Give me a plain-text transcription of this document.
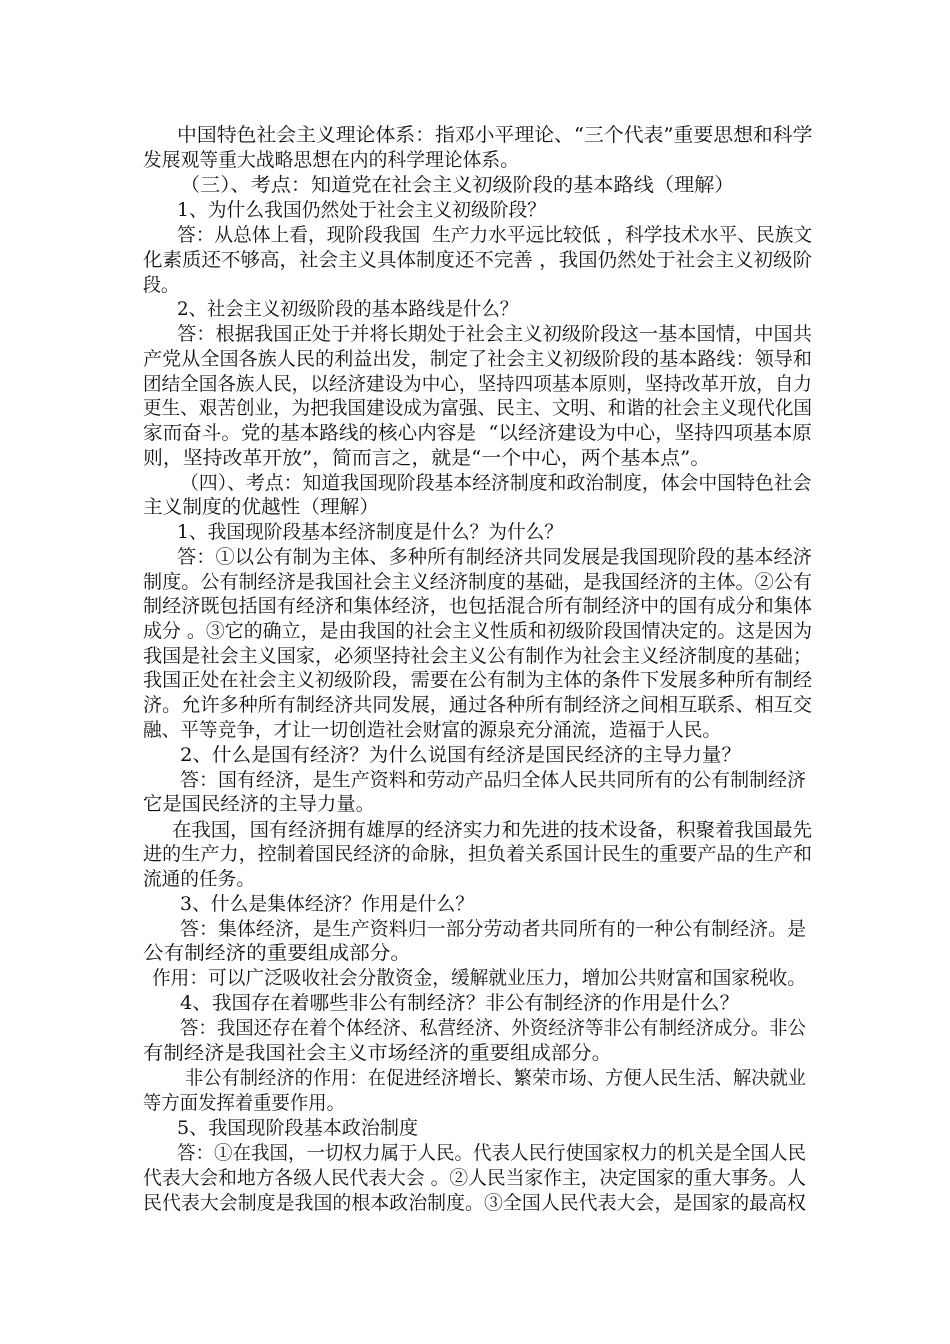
中国特色社会主义理论体系：指邓小平理论、“三个代表”重要思想和科学
发展观等重大战略思想在内的科学理论体系。
（三）、考点：知道党在社会主义初级阶段的基本路线（理解）
1、为什么我国仍然处于社会主义初级阶段？
答：从总体上看，现阶段我国  生产力水平远比较低 ，科学技术水平、民族文
化素质还不够高，社会主义具体制度还不完善 ，我国仍然处于社会主义初级阶
段。
2、社会主义初级阶段的基本路线是什么？
答：根据我国正处于并将长期处于社会主义初级阶段这一基本国情，中国共
产党从全国各族人民的利益出发，制定了社会主义初级阶段的基本路线：领导和
团结全国各族人民，以经济建设为中心，坚持四项基本原则，坚持改革开放，自力
更生、艰苦创业，为把我国建设成为富强、民主、文明、和谐的社会主义现代化国
家而奋斗。党的基本路线的核心内容是  “以经济建设为中心，坚持四项基本原
则，坚持改革开放”，简而言之，就是“一个中心，两个基本点”。
（四）、考点：知道我国现阶段基本经济制度和政治制度，体会中国特色社会
主义制度的优越性（理解）
1、我国现阶段基本经济制度是什么？为什么？
答：①以公有制为主体、多种所有制经济共同发展是我国现阶段的基本经济
制度。公有制经济是我国社会主义经济制度的基础，是我国经济的主体。②公有
制经济既包括国有经济和集体经济，也包括混合所有制经济中的国有成分和集体
成分 。③它的确立，是由我国的社会主义性质和初级阶段国情决定的。这是因为
我国是社会主义国家，必须坚持社会主义公有制作为社会主义经济制度的基础；
我国正处在社会主义初级阶段，需要在公有制为主体的条件下发展多种所有制经
济。允许多种所有制经济共同发展，通过各种所有制经济之间相互联系、相互交
融、平等竞争，才让一切创造社会财富的源泉充分涌流，造福于人民。
2、什么是国有经济？为什么说国有经济是国民经济的主导力量？
答：国有经济，是生产资料和劳动产品归全体人民共同所有的公有制制经济
它是国民经济的主导力量。
在我国，国有经济拥有雄厚的经济实力和先进的技术设备，积聚着我国最先
进的生产力，控制着国民经济的命脉，担负着关系国计民生的重要产品的生产和
流通的任务。
3、什么是集体经济？作用是什么？
答：集体经济，是生产资料归一部分劳动者共同所有的一种公有制经济。是
公有制经济的重要组成部分。
作用：可以广泛吸收社会分散资金，缓解就业压力，增加公共财富和国家税收。
4、我国存在着哪些非公有制经济？非公有制经济的作用是什么？
答：我国还存在着个体经济、私营经济、外资经济等非公有制经济成分。非公
有制经济是我国社会主义市场经济的重要组成部分。
非公有制经济的作用：在促进经济增长、繁荣市场、方便人民生活、解决就业
等方面发挥着重要作用。
5、我国现阶段基本政治制度
答：①在我国，一切权力属于人民。代表人民行使国家权力的机关是全国人民
代表大会和地方各级人民代表大会 。②人民当家作主，决定国家的重大事务。人
民代表大会制度是我国的根本政治制度。③全国人民代表大会，是国家的最高权
